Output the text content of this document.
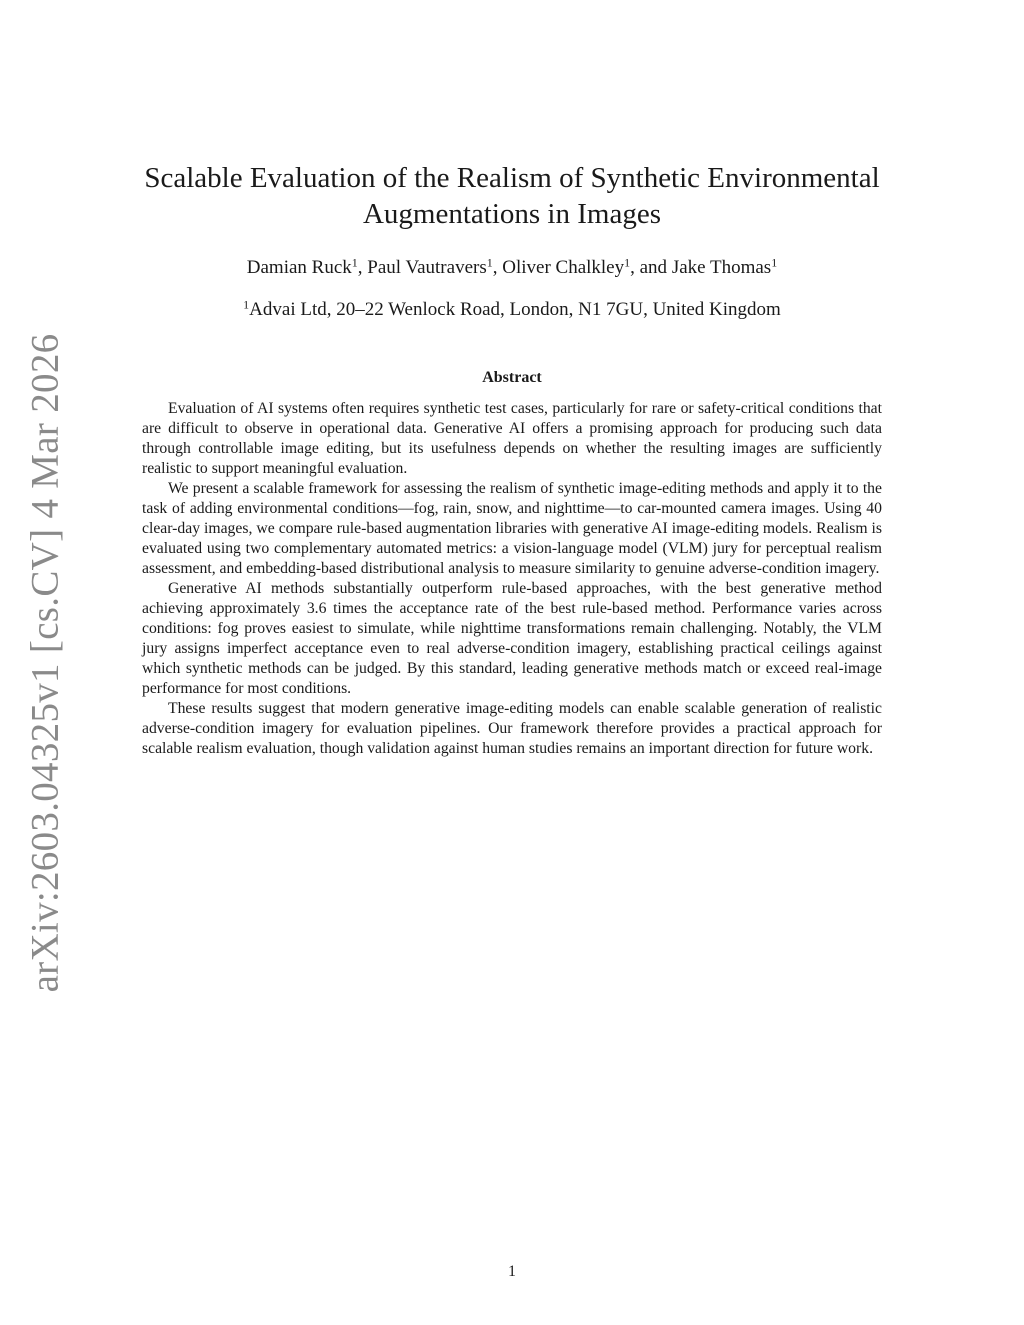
arXiv:2603.04325v1 [cs.CV] 4 Mar 2026
Scalable Evaluation of the Realism of Synthetic Environmental Augmentations in Images
Damian Ruck$^1$, Paul Vautravers$^1$, Oliver Chalkley$^1$, and Jake Thomas$^1$
$^1$Advai Ltd, 20–22 Wenlock Road, London, N1 7GU, United Kingdom
Abstract

Evaluation of AI systems often requires synthetic test cases, particularly for rare or safety-critical conditions that are difficult to observe in operational data. Generative AI offers a promising approach for producing such data through controllable image editing, but its usefulness depends on whether the resulting images are sufficiently realistic to support meaningful evaluation.

We present a scalable framework for assessing the realism of synthetic image-editing methods and apply it to the task of adding environmental conditions—fog, rain, snow, and nighttime—to car-mounted camera images. Using 40 clear-day images, we compare rule-based augmentation libraries with generative AI image-editing models. Realism is evaluated using two complementary automated metrics: a vision-language model (VLM) jury for perceptual realism assessment, and embedding-based distributional analysis to measure similarity to genuine adverse-condition imagery.

Generative AI methods substantially outperform rule-based approaches, with the best generative method achieving approximately 3.6 times the acceptance rate of the best rule-based method. Performance varies across conditions: fog proves easiest to simulate, while nighttime transformations remain challenging. Notably, the VLM jury assigns imperfect acceptance even to real adverse-condition imagery, establishing practical ceilings against which synthetic methods can be judged. By this standard, leading generative methods match or exceed real-image performance for most conditions.

These results suggest that modern generative image-editing models can enable scalable generation of realistic adverse-condition imagery for evaluation pipelines. Our framework therefore provides a practical approach for scalable realism evaluation, though validation against human studies remains an important direction for future work.

1
